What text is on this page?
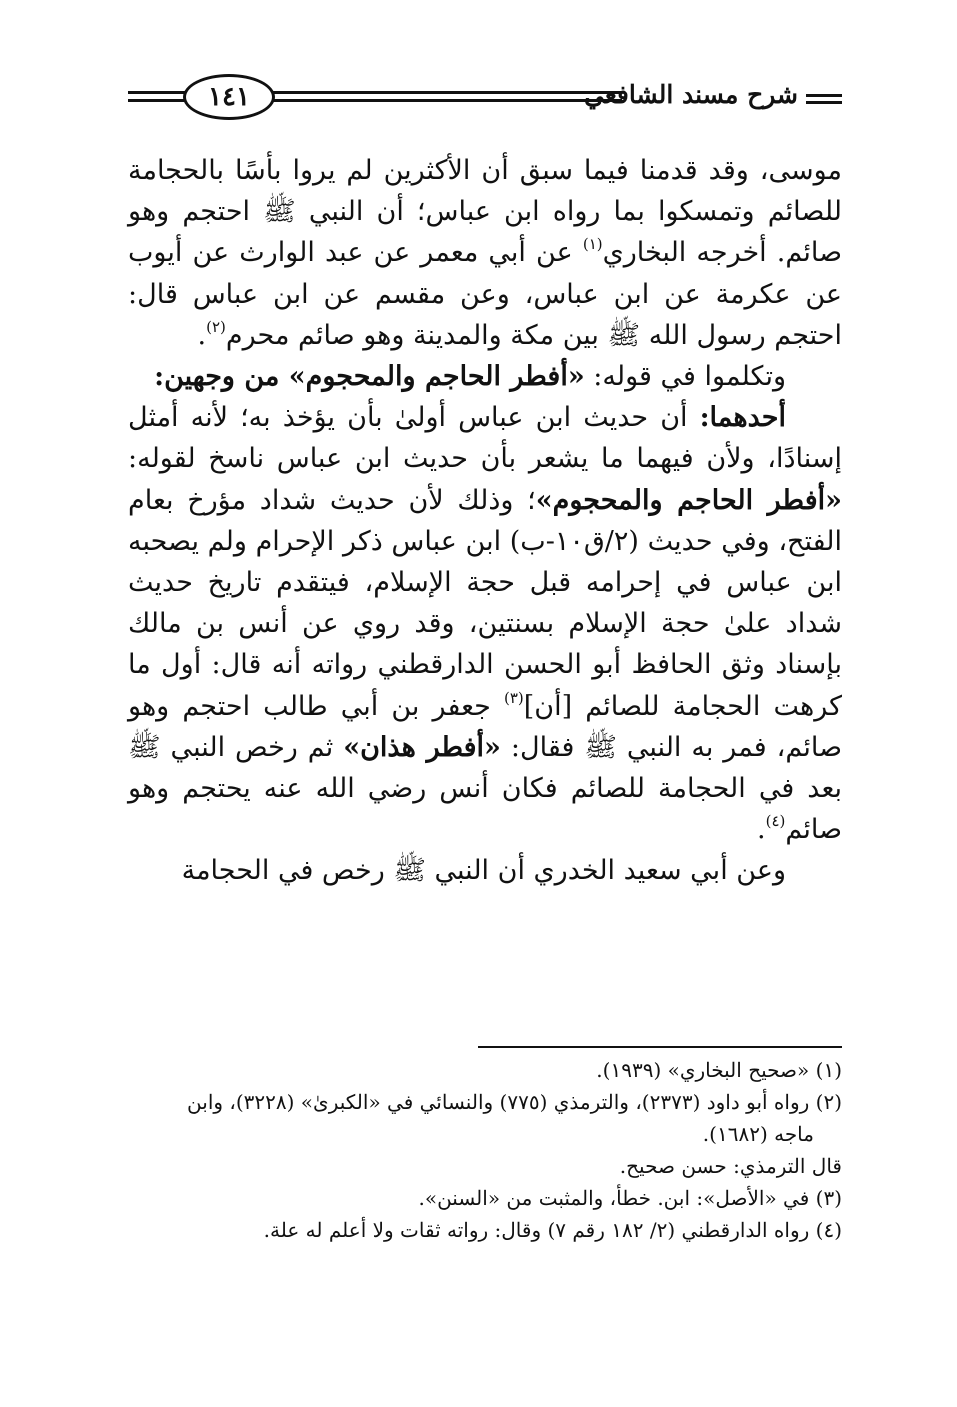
١٤١	شرح مسند الشافعي

موسى، وقد قدمنا فيما سبق أن الأكثرين لم يروا بأسًا بالحجامة للصائم وتمسكوا بما رواه ابن عباس؛ أن النبي ﷺ احتجم وهو صائم. أخرجه البخاري$^{(١)}$ عن أبي معمر عن عبد الوارث عن أيوب عن عكرمة عن ابن عباس، وعن مقسم عن ابن عباس قال: احتجم رسول الله ﷺ بين مكة والمدينة وهو صائم محرم$^{(٢)}$.

وتكلموا في قوله: «أفطر الحاجم والمحجوم» من وجهين:

أحدهما: أن حديث ابن عباس أولىٰ بأن يؤخذ به؛ لأنه أمثل إسنادًا، ولأن فيهما ما يشعر بأن حديث ابن عباس ناسخ لقوله: «أفطر الحاجم والمحجوم»؛ وذلك لأن حديث شداد مؤرخ بعام الفتح، وفي حديث (٢/ق١٠-ب) ابن عباس ذكر الإحرام ولم يصحبه ابن عباس في إحرامه قبل حجة الإسلام، فيتقدم تاريخ حديث شداد علىٰ حجة الإسلام بسنتين، وقد روي عن أنس بن مالك بإسناد وثق الحافظ أبو الحسن الدارقطني رواته أنه قال: أول ما كرهت الحجامة للصائم [أن]$^{(٣)}$ جعفر بن أبي طالب احتجم وهو صائم، فمر به النبي ﷺ فقال: «أفطر هذان» ثم رخص النبي ﷺ بعد في الحجامة للصائم فكان أنس رضي الله عنه يحتجم وهو صائم$^{(٤)}$.

وعن أبي سعيد الخدري أن النبي ﷺ رخص في الحجامة

(١) «صحيح البخاري» (١٩٣٩).

(٢) رواه أبو داود (٢٣٧٣)، والترمذي (٧٧٥) والنسائي في «الكبرىٰ» (٣٢٢٨)، وابن

ماجه (١٦٨٢).

قال الترمذي: حسن صحيح.

(٣) في «الأصل»: ابن. خطأ، والمثبت من «السنن».

(٤) رواه الدارقطني (٢/ ١٨٢ رقم ٧) وقال: رواته ثقات ولا أعلم له علة.
